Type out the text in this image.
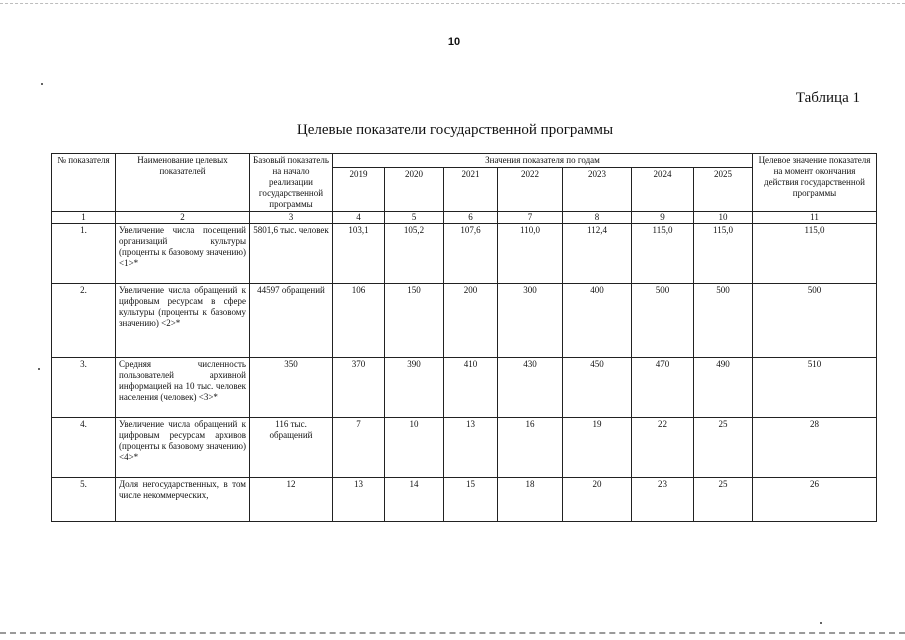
10
Таблица 1
Целевые показатели государственной программы
№ показателя	Наименование целевых показателей	Базовый показатель на начало реализации государственной программы	Значения показателя по годам							Целевое значение показателя на момент окончания действия государственной программы
			2019	2020	2021	2022	2023	2024	2025	
1	2	3	4	5	6	7	8	9	10	11
1.	Увеличение числа посещений организаций культуры (проценты к базовому значению) <1>*	5801,6 тыс. человек	103,1	105,2	107,6	110,0	112,4	115,0	115,0	115,0
2.	Увеличение числа обращений к цифровым ресурсам в сфере культуры (проценты к базовому значению) <2>*	44597 обращений	106	150	200	300	400	500	500	500
3.	Средняя численность пользователей архивной информацией на 10 тыс. человек населения (человек) <3>*	350	370	390	410	430	450	470	490	510
4.	Увеличение числа обращений к цифровым ресурсам архивов (проценты к базовому значению) <4>*	116 тыс. обращений	7	10	13	16	19	22	25	28
5.	Доля негосударственных, в том числе некоммерческих,	12	13	14	15	18	20	23	25	26
